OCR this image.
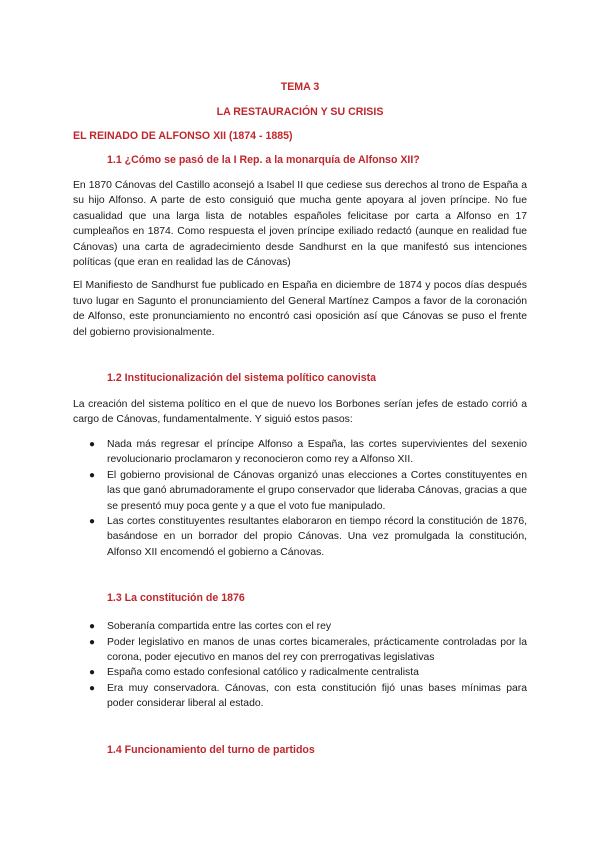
TEMA 3
LA RESTAURACIÓN Y SU CRISIS
EL REINADO DE ALFONSO XII (1874 - 1885)
1.1 ¿Cómo se pasó de la I Rep. a la monarquía de Alfonso XII?

En 1870 Cánovas del Castillo aconsejó a Isabel II que cediese sus derechos al trono de España a su hijo Alfonso. A parte de esto consiguió que mucha gente apoyara al joven príncipe. No fue casualidad que una larga lista de notables españoles felicitase por carta a Alfonso en 17 cumpleaños en 1874. Como respuesta el joven príncipe exiliado redactó (aunque en realidad fue Cánovas) una carta de agradecimiento desde Sandhurst en la que manifestó sus intenciones políticas (que eran en realidad las de Cánovas)

El Manifiesto de Sandhurst fue publicado en España en diciembre de 1874 y pocos días después tuvo lugar en Sagunto el pronunciamiento del General Martínez Campos a favor de la coronación de Alfonso, este pronunciamiento no encontró casi oposición así que Cánovas se puso el frente del gobierno provisionalmente.

1.2 Institucionalización del sistema político canovista

La creación del sistema político en el que de nuevo los Borbones serían jefes de estado corrió a cargo de Cánovas, fundamentalmente. Y siguió estos pasos:

● Nada más regresar el príncipe Alfonso a España, las cortes supervivientes del sexenio revolucionario proclamaron y reconocieron como rey a Alfonso XII.
● El gobierno provisional de Cánovas organizó unas elecciones a Cortes constituyentes en las que ganó abrumadoramente el grupo conservador que lideraba Cánovas, gracias a que se presentó muy poca gente y a que el voto fue manipulado.
● Las cortes constituyentes resultantes elaboraron en tiempo récord la constitución de 1876, basándose en un borrador del propio Cánovas. Una vez promulgada la constitución, Alfonso XII encomendó el gobierno a Cánovas.
1.3 La constitución de 1876
● Soberanía compartida entre las cortes con el rey
● Poder legislativo en manos de unas cortes bicamerales, prácticamente controladas por la corona, poder ejecutivo en manos del rey con prerrogativas legislativas
● España como estado confesional católico y radicalmente centralista
● Era muy conservadora. Cánovas, con esta constitución fijó unas bases mínimas para poder considerar liberal al estado.
1.4 Funcionamiento del turno de partidos
